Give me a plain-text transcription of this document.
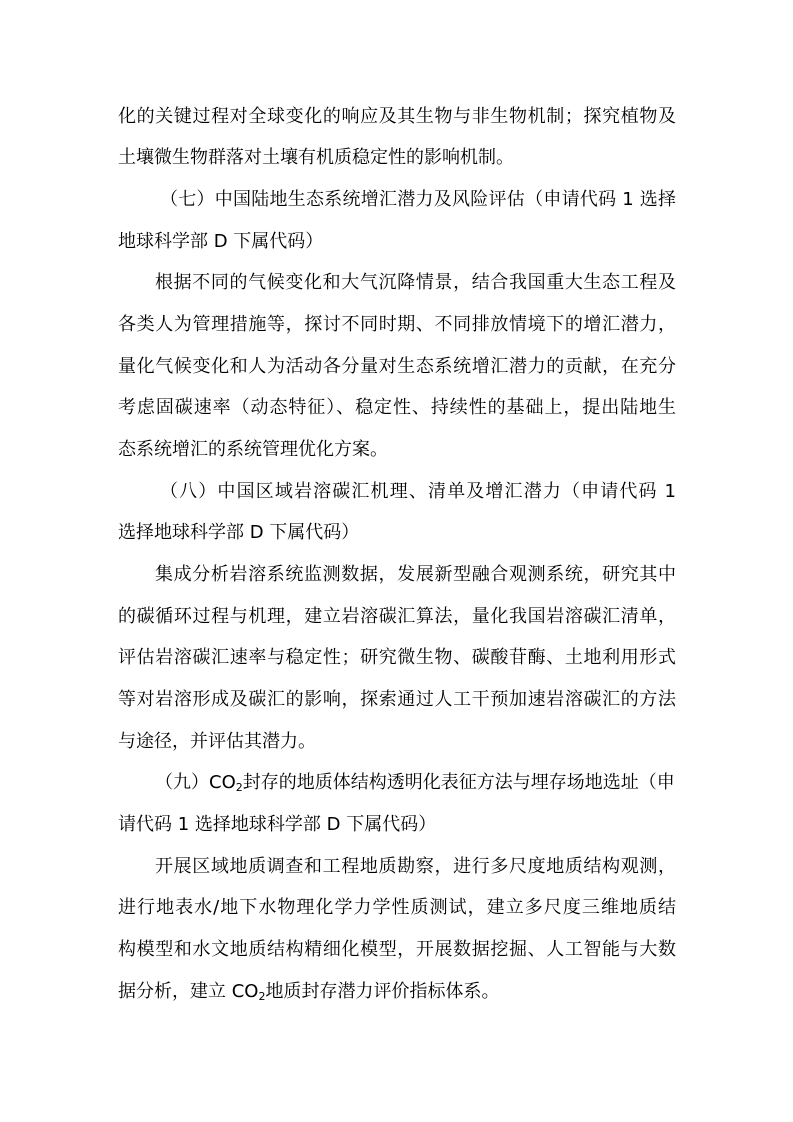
化的关键过程对全球变化的响应及其生物与非生物机制；探究植物及
土壤微生物群落对土壤有机质稳定性的影响机制。
（七）中国陆地生态系统增汇潜力及风险评估（申请代码 1 选择
地球科学部 D 下属代码）
根据不同的气候变化和大气沉降情景，结合我国重大生态工程及
各类人为管理措施等，探讨不同时期、不同排放情境下的增汇潜力，
量化气候变化和人为活动各分量对生态系统增汇潜力的贡献，在充分
考虑固碳速率（动态特征）、稳定性、持续性的基础上，提出陆地生
态系统增汇的系统管理优化方案。
（八）中国区域岩溶碳汇机理、清单及增汇潜力（申请代码 1
选择地球科学部 D 下属代码）
集成分析岩溶系统监测数据，发展新型融合观测系统，研究其中
的碳循环过程与机理，建立岩溶碳汇算法，量化我国岩溶碳汇清单，
评估岩溶碳汇速率与稳定性；研究微生物、碳酸苷酶、土地利用形式
等对岩溶形成及碳汇的影响，探索通过人工干预加速岩溶碳汇的方法
与途径，并评估其潜力。
（九）$CO_2$封存的地质体结构透明化表征方法与埋存场地选址（申
请代码 1 选择地球科学部 D 下属代码）
开展区域地质调查和工程地质勘察，进行多尺度地质结构观测，
进行地表水/地下水物理化学力学性质测试，建立多尺度三维地质结
构模型和水文地质结构精细化模型，开展数据挖掘、人工智能与大数
据分析，建立 $CO_2$地质封存潜力评价指标体系。
